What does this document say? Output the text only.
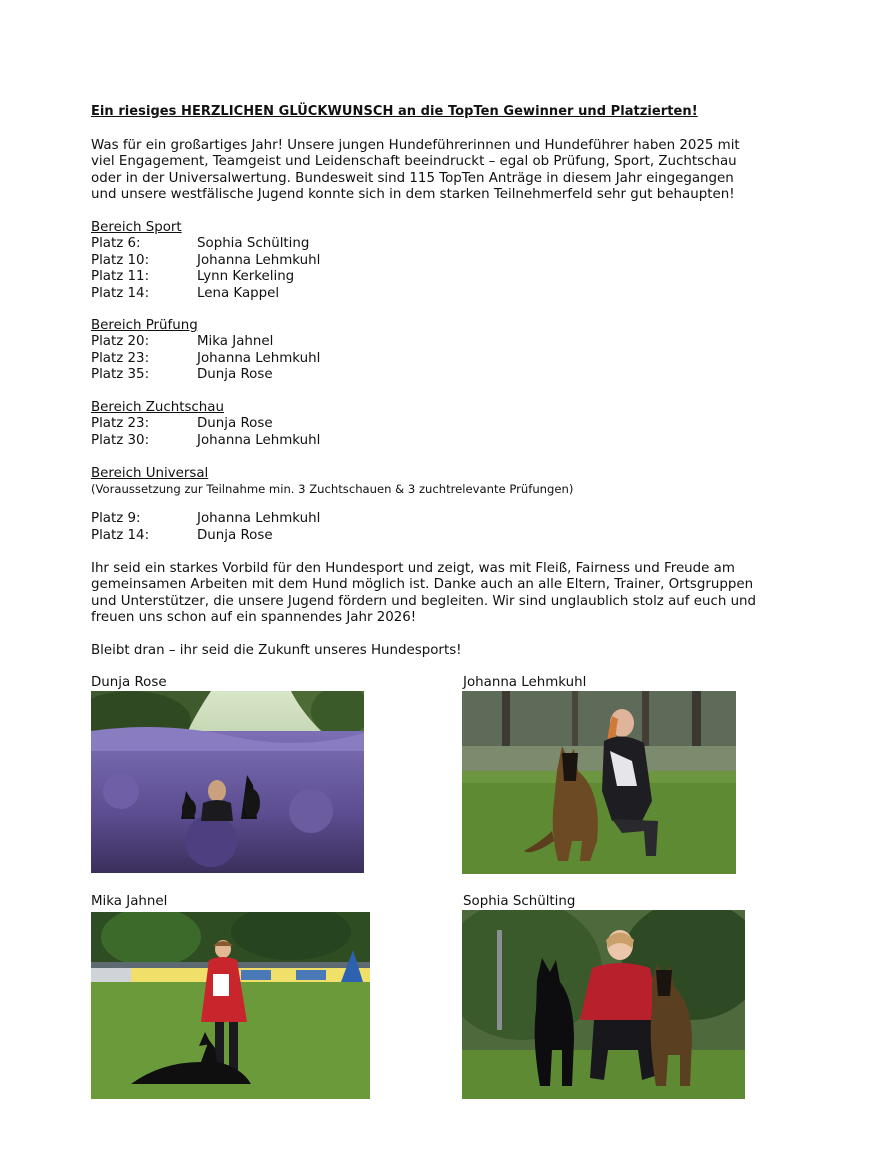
Ein riesiges HERZLICHEN GLÜCKWUNSCH an die TopTen Gewinner und Platzierten!
Was für ein großartiges Jahr! Unsere jungen Hundeführerinnen und Hundeführer haben 2025 mit
viel Engagement, Teamgeist und Leidenschaft beeindruckt – egal ob Prüfung, Sport, Zuchtschau
oder in der Universalwertung. Bundesweit sind 115 TopTen Anträge in diesem Jahr eingegangen
und unsere westfälische Jugend konnte sich in dem starken Teilnehmerfeld sehr gut behaupten!
Bereich Sport
Platz 6:	Sophia Schülting
Platz 10:	Johanna Lehmkuhl
Platz 11:	Lynn Kerkeling
Platz 14:	Lena Kappel
Bereich Prüfung
Platz 20:	Mika Jahnel
Platz 23:	Johanna Lehmkuhl
Platz 35:	Dunja Rose
Bereich Zuchtschau
Platz 23:	Dunja Rose
Platz 30:	Johanna Lehmkuhl
Bereich Universal
(Voraussetzung zur Teilnahme min. 3 Zuchtschauen & 3 zuchtrelevante Prüfungen)
Platz 9:	Johanna Lehmkuhl
Platz 14:	Dunja Rose
Ihr seid ein starkes Vorbild für den Hundesport und zeigt, was mit Fleiß, Fairness und Freude am
gemeinsamen Arbeiten mit dem Hund möglich ist. Danke auch an alle Eltern, Trainer, Ortsgruppen
und Unterstützer, die unsere Jugend fördern und begleiten. Wir sind unglaublich stolz auf euch und
freuen uns schon auf ein spannendes Jahr 2026!
Bleibt dran – ihr seid die Zukunft unseres Hundesports!
Dunja Rose	Johanna Lehmkuhl
Mika Jahnel	Sophia Schülting
